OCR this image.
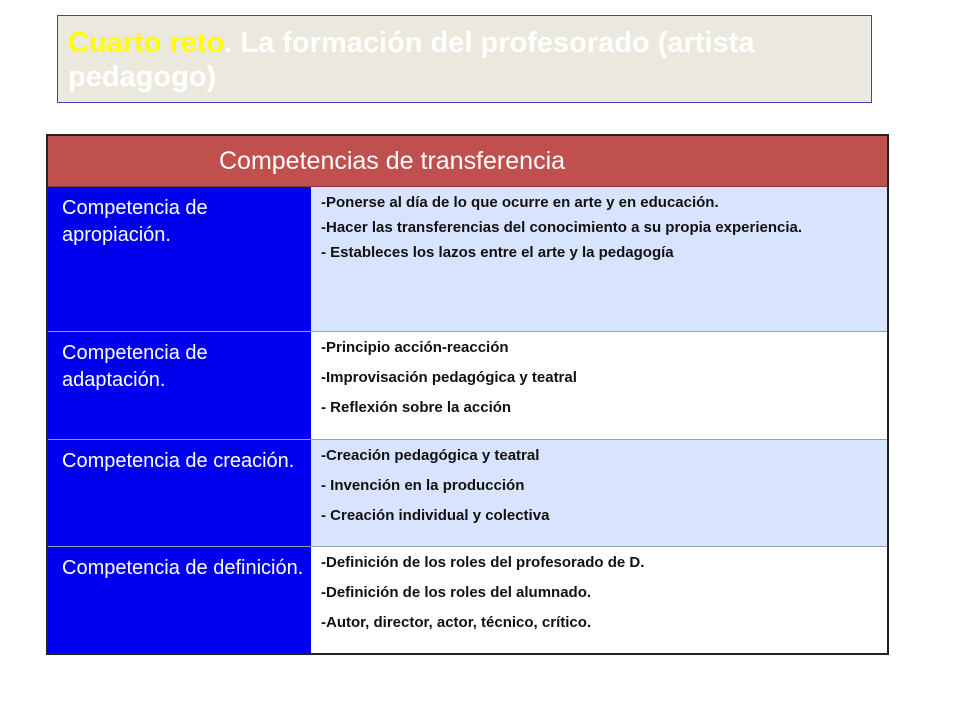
Cuarto reto. La formación del profesorado (artista pedagogo)
Competencias de transferencia
Competencia de apropiación.

-Ponerse al día de lo que ocurre en arte y en educación.

-Hacer las transferencias del conocimiento a su propia experiencia.

- Estableces los lazos entre el arte y la pedagogía

Competencia de adaptación.

-Principio acción-reacción

-Improvisación pedagógica y teatral

- Reflexión sobre la acción

Competencia de creación.	-Creación pedagógica y teatral

- Invención en la producción

- Creación individual y colectiva

Competencia de definición.	-Definición de los roles del profesorado de D.

-Definición de los roles del alumnado.

-Autor, director, actor, técnico, crítico.
